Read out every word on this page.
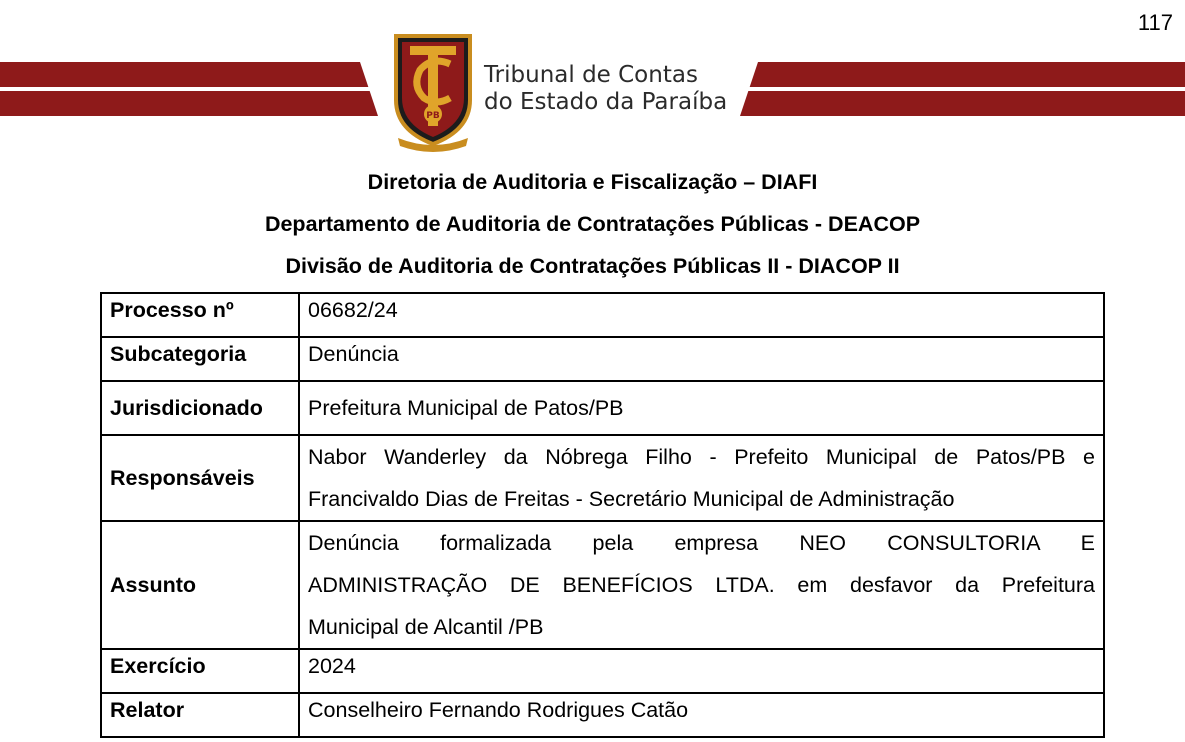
117
PB
Tribunal de Contas
do Estado da Paraíba
Diretoria de Auditoria e Fiscalização – DIAFI
Departamento de Auditoria de Contratações Públicas - DEACOP
Divisão de Auditoria de Contratações Públicas II - DIACOP II
Processo nº	06682/24
Subcategoria	Denúncia
Jurisdicionado	Prefeitura Municipal de Patos/PB
Responsáveis	Nabor Wanderley da Nóbrega Filho - Prefeito Municipal de Patos/PB e
Francivaldo Dias de Freitas - Secretário Municipal de Administração

Assunto	Denúncia formalizada pela empresa NEO CONSULTORIA E
ADMINISTRAÇÃO DE BENEFÍCIOS LTDA. em desfavor da Prefeitura
Municipal de Alcantil /PB

Exercício	2024
Relator	Conselheiro Fernando Rodrigues Catão
